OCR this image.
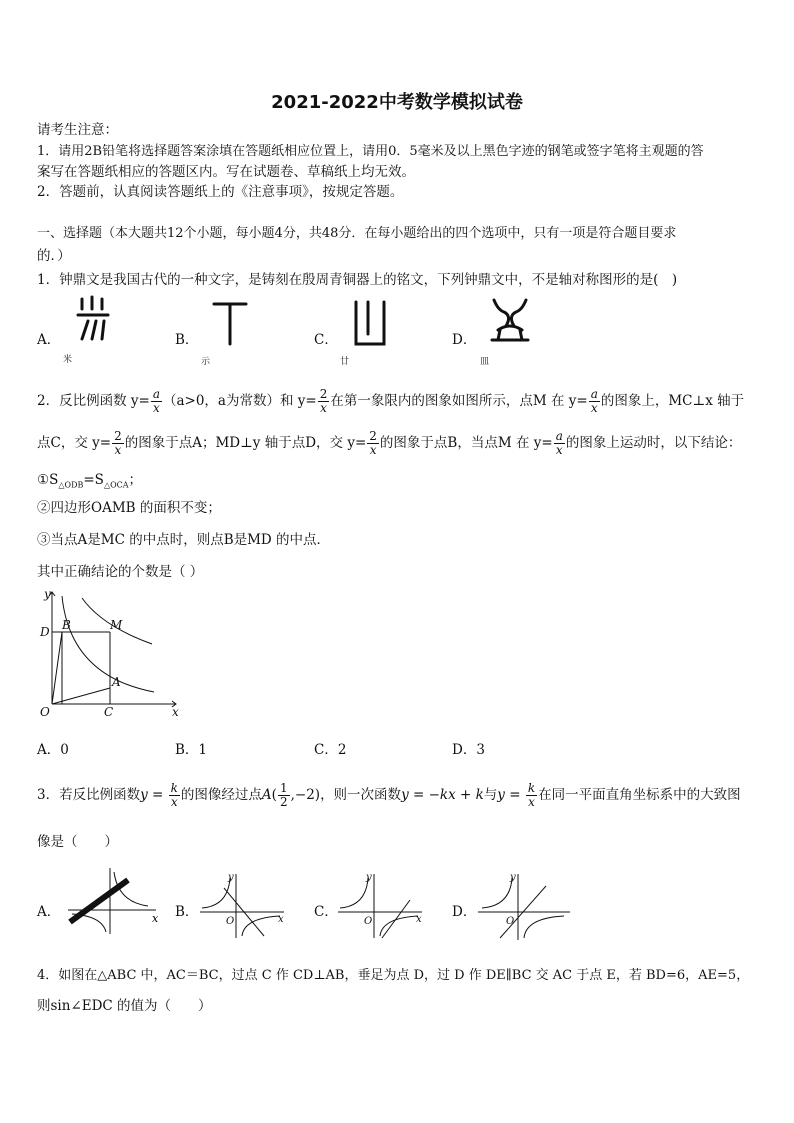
2021-2022中考数学模拟试卷
请考生注意：
1．请用2B铅笔将选择题答案涂填在答题纸相应位置上，请用0．5毫米及以上黑色字迹的钢笔或签字笔将主观题的答
案写在答题纸相应的答题区内。写在试题卷、草稿纸上均无效。
2．答题前，认真阅读答题纸上的《注意事项》，按规定答题。
一、选择题（本大题共12个小题，每小题4分，共48分．在每小题给出的四个选项中，只有一项是符合题目要求
的．）
1．钟鼎文是我国古代的一种文字，是铸刻在殷周青铜器上的铭文，下列钟鼎文中，不是轴对称图形的是(　)
A．
米
B．
示
C．
廿
D．
皿
2．反比例函数 $y= \frac{a}{x} (a>0$，a为常数）和 $y= \frac{2}{x}$ 在第一象限内的图象如图所示，点M 在 $y= \frac{a}{x}$ 的图象上，MC⊥x 轴于
点C，交 $y= \frac{2}{x}$ 的图象于点A；MD⊥y 轴于点D，交 $y= \frac{2}{x}$ 的图象于点B，当点M 在 $y= \frac{a}{x}$ 的图象上运动时，以下结论：
$①S_{\triangle ODB}=S_{\triangle OCA}$；
②四边形OAMB 的面积不变；
③当点A是MC 的中点时，则点B是MD 的中点．
其中正确结论的个数是（ ）
y
x
O
D B	M
A
C
A．0	B．1	C．2	D．3
3．若反比例函数$y = \frac{k}{x}$ 的图像经过点$A( \frac{1}{2} ,-2)$，则一次函数y = −kx + k与$y = \frac{k}{x}$ 在同一平面直角坐标系中的大致图
像是（　　）
A．	x B．
y
x
O
C．
y
x
O
D．
y
O
4．如图在△ABC 中，AC＝BC，过点 C 作 CD⊥AB，垂足为点 D，过 D 作 DE∥BC 交 AC 于点 E，若 BD=6，AE=5，
则sin∠EDC 的值为（　　）
